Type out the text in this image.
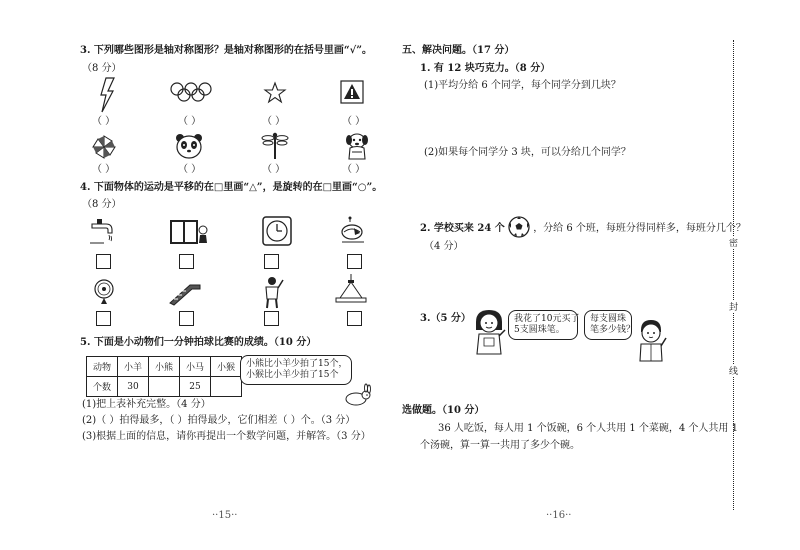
3. 下列哪些图形是轴对称图形？是轴对称图形的在括号里画“√”。
（8 分）
（ ）	（ ）	（ ）	（ ）
（ ）	（ ）	（ ）	（ ）
4. 下面物体的运动是平移的在□里画“△”，是旋转的在□里画“○”。
（8 分）
5. 下面是小动物们一分钟拍球比赛的成绩。（10 分）
动物	小羊	小熊	小马	小猴
个数	30		25	
小熊比小羊少拍了15个，
小猴比小羊少拍了15个
(1)把上表补充完整。（4 分）
(2)（ ）拍得最多，（ ）拍得最少，它们相差（ ）个。（3 分）
(3)根据上面的信息，请你再提出一个数学问题，并解答。（3 分）
··15··
五、解决问题。（17 分）
1. 有 12 块巧克力。（8 分）
(1)平均分给 6 个同学，每个同学分到几块？
(2)如果每个同学分 3 块，可以分给几个同学？
2. 学校买来 24 个	，分给 6 个班，每班分得同样多，每班分几个？
（4 分）
3.（5 分）	我花了10元买了
5支圆珠笔。
每支圆珠
笔多少钱？
选做题。（10 分）
36 人吃饭，每人用 1 个饭碗，6 个人共用 1 个菜碗，4 个人共用 1
个汤碗，算一算一共用了多少个碗。
··16··
密
封
线
